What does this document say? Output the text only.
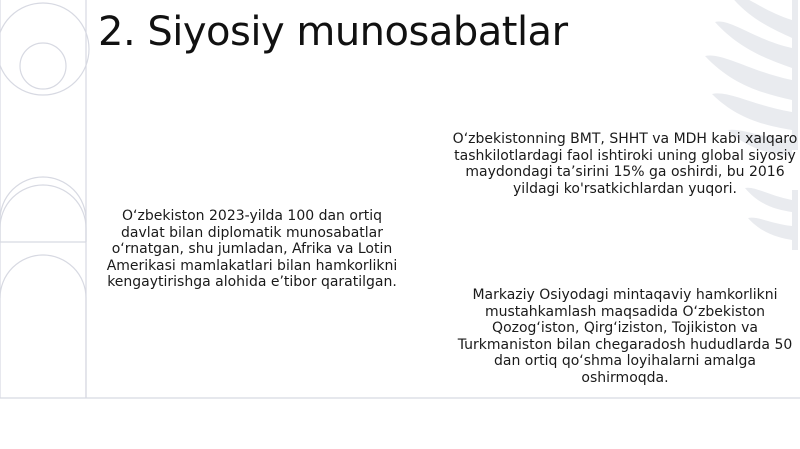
2. Siyosiy munosabatlar

O‘zbekiston 2023-yilda 100 dan ortiq davlat bilan diplomatik munosabatlar o‘rnatgan, shu jumladan, Afrika va Lotin Amerikasi mamlakatlari bilan hamkorlikni kengaytirishga alohida e’tibor qaratilgan.

O‘zbekistonning BMT, SHHT va MDH kabi xalqaro tashkilotlardagi faol ishtiroki uning global siyosiy maydondagi ta’sirini 15% ga oshirdi, bu 2016 yildagi ko'rsatkichlardan yuqori.

Markaziy Osiyodagi mintaqaviy hamkorlikni mustahkamlash maqsadida O‘zbekiston Qozog‘iston, Qirg‘iziston, Tojikiston va Turkmaniston bilan chegaradosh hududlarda 50 dan ortiq qo‘shma loyihalarni amalga oshirmoqda.
